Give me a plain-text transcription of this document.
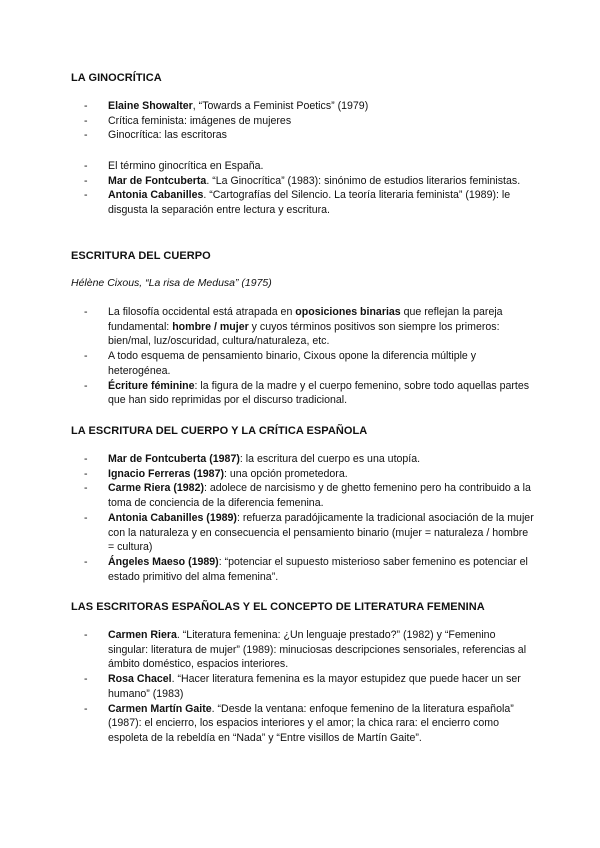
LA GINOCRÍTICA
- Elaine Showalter, “Towards a Feminist Poetics” (1979)
- Crítica feminista: imágenes de mujeres
- Ginocrítica: las escritoras
- El término ginocrítica en España.
- Mar de Fontcuberta. “La Ginocrítica” (1983): sinónimo de estudios literarios feministas.
- Antonia Cabanilles. “Cartografías del Silencio. La teoría literaria feminista” (1989): le disgusta la separación entre lectura y escritura.
ESCRITURA DEL CUERPO
Hélène Cixous, “La risa de Medusa” (1975)
- La filosofía occidental está atrapada en oposiciones binarias que reflejan la pareja fundamental: hombre / mujer y cuyos términos positivos son siempre los primeros: bien/mal, luz/oscuridad, cultura/naturaleza, etc.
- A todo esquema de pensamiento binario, Cixous opone la diferencia múltiple y heterogénea.
- Écriture féminine: la figura de la madre y el cuerpo femenino, sobre todo aquellas partes que han sido reprimidas por el discurso tradicional.
LA ESCRITURA DEL CUERPO Y LA CRÍTICA ESPAÑOLA
- Mar de Fontcuberta (1987): la escritura del cuerpo es una utopía.
- Ignacio Ferreras (1987): una opción prometedora.
- Carme Riera (1982): adolece de narcisismo y de ghetto femenino pero ha contribuido a la toma de conciencia de la diferencia femenina.
- Antonia Cabanilles (1989): refuerza paradójicamente la tradicional asociación de la mujer con la naturaleza y en consecuencia el pensamiento binario (mujer = naturaleza / hombre = cultura)
- Ángeles Maeso (1989): “potenciar el supuesto misterioso saber femenino es potenciar el estado primitivo del alma femenina”.
LAS ESCRITORAS ESPAÑOLAS Y EL CONCEPTO DE LITERATURA FEMENINA
- Carmen Riera. “Literatura femenina: ¿Un lenguaje prestado?” (1982) y “Femenino singular: literatura de mujer” (1989): minuciosas descripciones sensoriales, referencias al ámbito doméstico, espacios interiores.
- Rosa Chacel. “Hacer literatura femenina es la mayor estupidez que puede hacer un ser humano” (1983)
- Carmen Martín Gaite. “Desde la ventana: enfoque femenino de la literatura española” (1987): el encierro, los espacios interiores y el amor; la chica rara: el encierro como espoleta de la rebeldía en “Nada” y “Entre visillos de Martín Gaite”.
